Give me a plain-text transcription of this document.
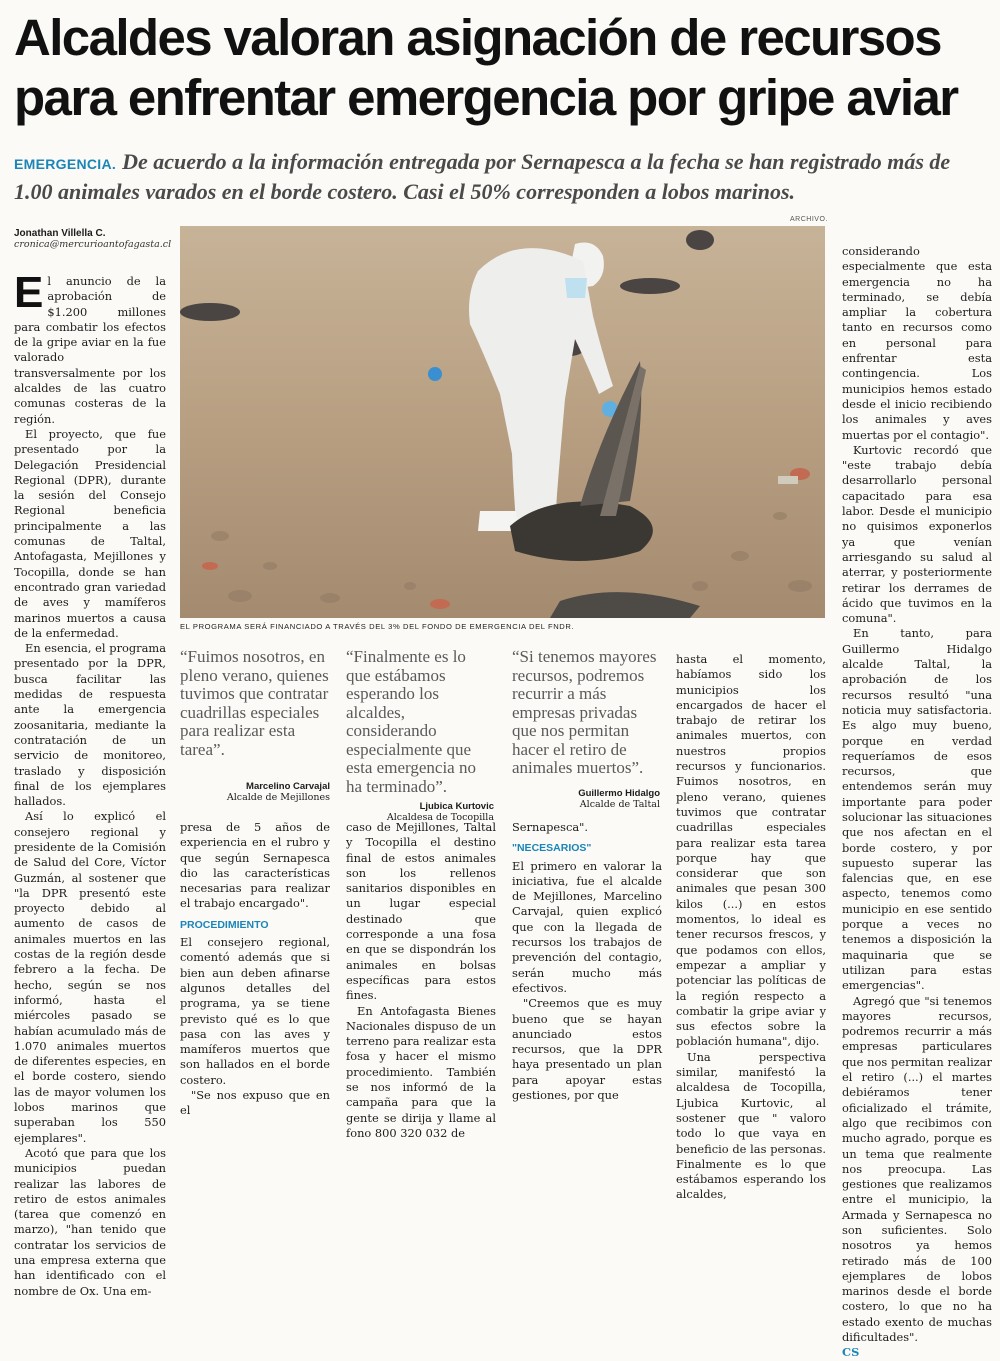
Alcaldes valoran asignación de recursos para enfrentar emergencia por gripe aviar
EMERGENCIA. De acuerdo a la información entregada por Sernapesca a la fecha se han registrado más de 1.00 animales varados en el borde costero. Casi el 50% corresponden a lobos marinos.
ARCHIVO.
EL PROGRAMA SERÁ FINANCIADO A TRAVÉS DEL 3% DEL FONDO DE EMERGENCIA DEL FNDR.
Jonathan Villella C.
cronica@mercurioantofagasta.cl

El anuncio de la aprobación de $1.200 millones para combatir los efectos de la gripe aviar en la fue valorado transversalmente por los alcaldes de las cuatro comunas costeras de la región.

El proyecto, que fue presentado por la Delegación Presidencial Regional (DPR), durante la sesión del Consejo Regional beneficia principalmente a las comunas de Taltal, Antofagasta, Mejillones y Tocopilla, donde se han encontrado gran variedad de aves y mamíferos marinos muertos a causa de la enfermedad.

En esencia, el programa presentado por la DPR, busca facilitar las medidas de respuesta ante la emergencia zoosanitaria, mediante la contratación de un servicio de monitoreo, traslado y disposición final de los ejemplares hallados.

Así lo explicó el consejero regional y presidente de la Comisión de Salud del Core, Víctor Guzmán, al sostener que "la DPR presentó este proyecto debido al aumento de casos de animales muertos en las costas de la región desde febrero a la fecha. De hecho, según se nos informó, hasta el miércoles pasado se habían acumulado más de 1.070 animales muertos de diferentes especies, en el borde costero, siendo las de mayor volumen los lobos marinos que superaban los 550 ejemplares".

Acotó que para que los municipios puedan realizar las labores de retiro de estos animales (tarea que comenzó en marzo), "han tenido que contratar los servicios de una empresa externa que han identificado con el nombre de Ox. Una em-

“Fuimos nosotros, en pleno verano, quienes tuvimos que contratar cuadrillas especiales para realizar esta tarea”.
Marcelino Carvajal
Alcalde de Mejillones
“Finalmente es lo que estábamos esperando los alcaldes, considerando especialmente que esta emergencia no ha terminado”.
Ljubica Kurtovic
Alcaldesa de Tocopilla
“Si tenemos mayores recursos, podremos recurrir a más empresas privadas que nos permitan hacer el retiro de animales muertos”.
Guillermo Hidalgo
Alcalde de Taltal

presa de 5 años de experiencia en el rubro y que según Sernapesca dio las características necesarias para realizar el trabajo encargado".

PROCEDIMIENTO

El consejero regional, comentó además que si bien aun deben afinarse algunos detalles del programa, ya se tiene previsto qué es lo que pasa con las aves y mamíferos muertos que son hallados en el borde costero.

"Se nos expuso que en el

caso de Mejillones, Taltal y Tocopilla el destino final de estos animales son los rellenos sanitarios disponibles en un lugar especial destinado que corresponde a una fosa en que se dispondrán los animales en bolsas específicas para estos fines.

En Antofagasta Bienes Nacionales dispuso de un terreno para realizar esta fosa y hacer el mismo procedimiento. También se nos informó de la campaña para que la gente se dirija y llame al fono 800 320 032 de

Sernapesca".

"NECESARIOS"

El primero en valorar la iniciativa, fue el alcalde de Mejillones, Marcelino Carvajal, quien explicó que con la llegada de recursos los trabajos de prevención del contagio, serán mucho más efectivos.

"Creemos que es muy bueno que se hayan anunciado estos recursos, que la DPR haya presentado un plan para apoyar estas gestiones, por que

hasta el momento, habíamos sido los municipios los encargados de hacer el trabajo de retirar los animales muertos, con nuestros propios recursos y funcionarios. Fuimos nosotros, en pleno verano, quienes tuvimos que contratar cuadrillas especiales para realizar esta tarea porque hay que considerar que son animales que pesan 300 kilos (...) en estos momentos, lo ideal es tener recursos frescos, y que podamos con ellos, empezar a ampliar y potenciar las políticas de la región respecto a combatir la gripe aviar y sus efectos sobre la población humana", dijo.

Una perspectiva similar, manifestó la alcaldesa de Tocopilla, Ljubica Kurtovic, al sostener que " valoro todo lo que vaya en beneficio de las personas. Finalmente es lo que estábamos esperando los alcaldes,

considerando especialmente que esta emergencia no ha terminado, se debía ampliar la cobertura tanto en recursos como en personal para enfrentar esta contingencia. Los municipios hemos estado desde el inicio recibiendo los animales y aves muertas por el contagio".

Kurtovic recordó que "este trabajo debía desarrollarlo personal capacitado para esa labor. Desde el municipio no quisimos exponerlos ya que venían arriesgando su salud al aterrar, y posteriormente retirar los derrames de ácido que tuvimos en la comuna".

En tanto, para Guillermo Hidalgo alcalde Taltal, la aprobación de los recursos resultó "una noticia muy satisfactoria. Es algo muy bueno, porque en verdad requeríamos de esos recursos, que entendemos serán muy importante para poder solucionar las situaciones que nos afectan en el borde costero, y por supuesto superar las falencias que, en ese aspecto, tenemos como municipio en ese sentido porque a veces no tenemos a disposición la maquinaria que se utilizan para estas emergencias".

Agregó que "si tenemos mayores recursos, podremos recurrir a más empresas particulares que nos permitan realizar el retiro (...) el martes debiéramos tener oficializado el trámite, algo que recibimos con mucho agrado, porque es un tema que realmente nos preocupa. Las gestiones que realizamos entre el municipio, la Armada y Sernapesca no son suficientes. Solo nosotros ya hemos retirado más de 100 ejemplares de lobos marinos desde el borde costero, lo que no ha estado exento de muchas dificultades".

CS
